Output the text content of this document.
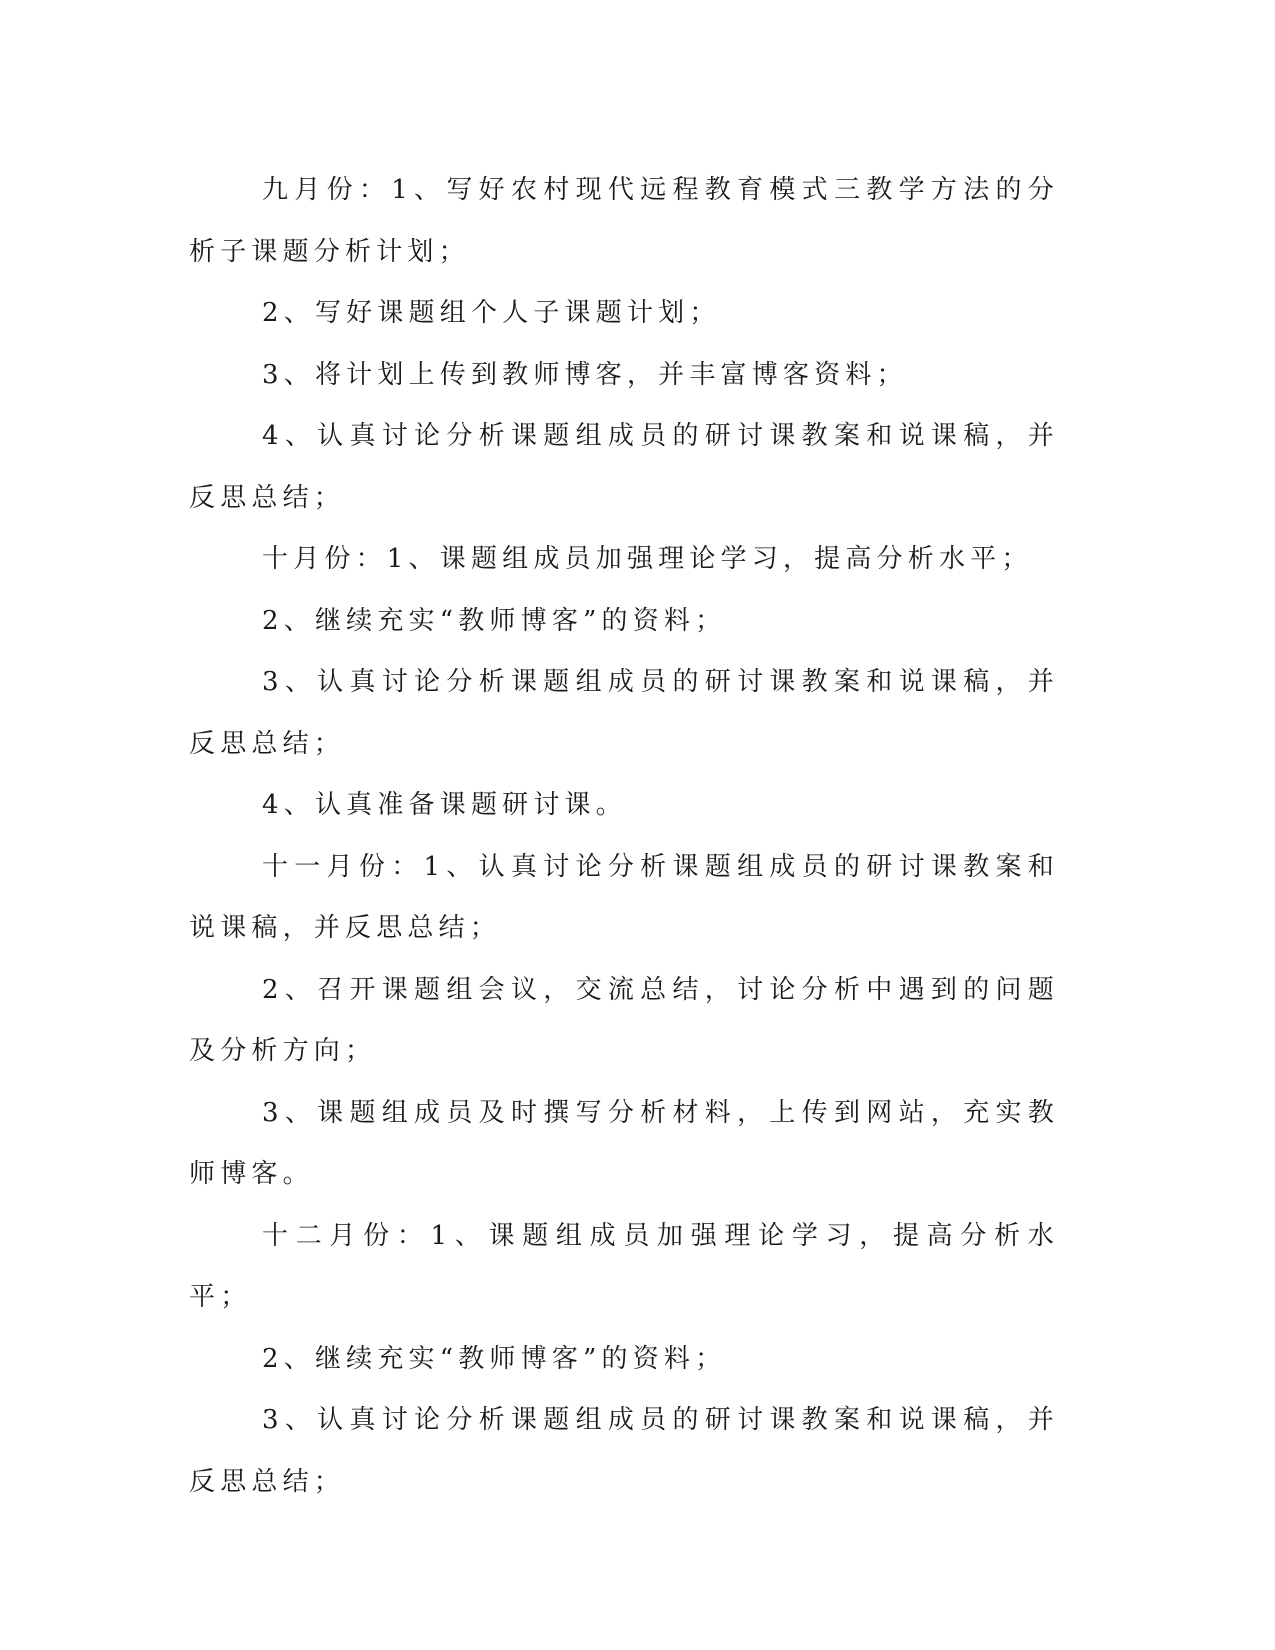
九月份：1、写好农村现代远程教育模式三教学方法的分析子课题分析计划；

2、写好课题组个人子课题计划；

3、将计划上传到教师博客，并丰富博客资料；

4、认真讨论分析课题组成员的研讨课教案和说课稿，并反思总结；

十月份：1、课题组成员加强理论学习，提高分析水平；

2、继续充实“教师博客”的资料；

3、认真讨论分析课题组成员的研讨课教案和说课稿，并反思总结；

4、认真准备课题研讨课。

十一月份：1、认真讨论分析课题组成员的研讨课教案和说课稿，并反思总结；

2、召开课题组会议，交流总结，讨论分析中遇到的问题及分析方向；

3、课题组成员及时撰写分析材料，上传到网站，充实教师博客。

十二月份：1、课题组成员加强理论学习，提高分析水平；

2、继续充实“教师博客”的资料；

3、认真讨论分析课题组成员的研讨课教案和说课稿，并反思总结；
